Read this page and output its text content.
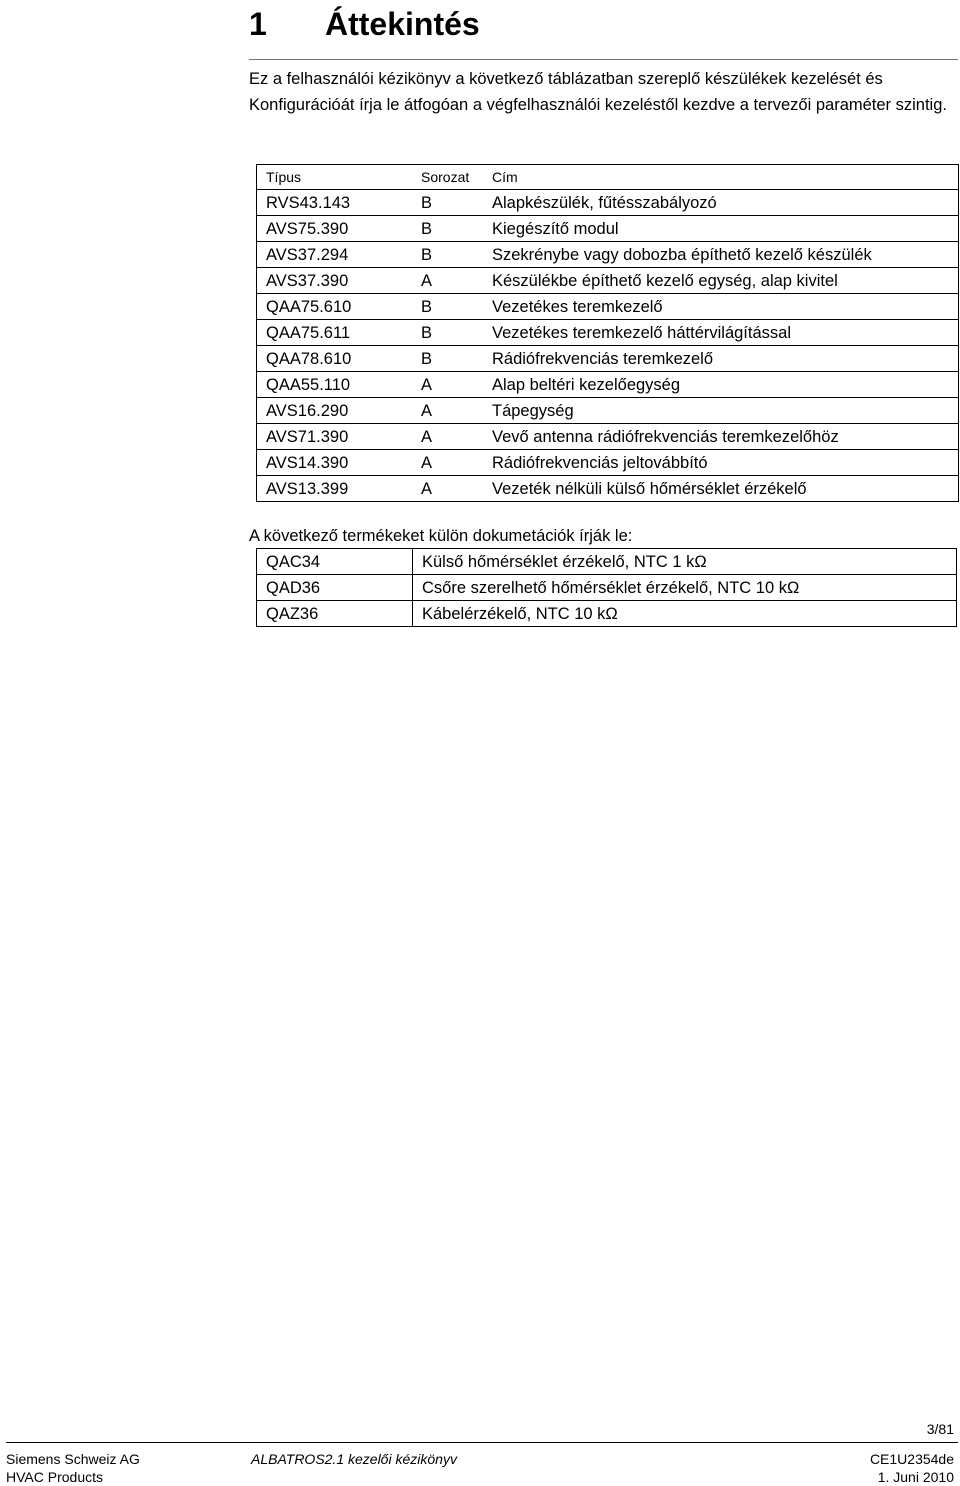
1 Áttekintés

Ez a felhasználói kézikönyv a következő táblázatban szereplő készülékek kezelését és Konfigurációát írja le átfogóan a végfelhasználói kezeléstől kezdve a tervezői paraméter szintig.

Típus	Sorozat	Cím
RVS43.143	B	Alapkészülék, fűtésszabályozó
AVS75.390	B	Kiegészítő modul
AVS37.294	B	Szekrénybe vagy dobozba építhető kezelő készülék
AVS37.390	A	Készülékbe építhető kezelő egység, alap kivitel
QAA75.610	B	Vezetékes teremkezelő
QAA75.611	B	Vezetékes teremkezelő háttérvilágítással
QAA78.610	B	Rádiófrekvenciás teremkezelő
QAA55.110	A	Alap beltéri kezelőegység
AVS16.290	A	Tápegység
AVS71.390	A	Vevő antenna rádiófrekvenciás teremkezelőhöz
AVS14.390	A	Rádiófrekvenciás jeltovábbító
AVS13.399	A	Vezeték nélküli külső hőmérséklet érzékelő

A következő termékeket külön dokumetációk írják le:

QAC34	Külső hőmérséklet érzékelő, NTC 1 kΩ
QAD36	Csőre szerelhető hőmérséklet érzékelő, NTC 10 kΩ
QAZ36	Kábelérzékelő, NTC 10 kΩ
3/81
Siemens Schweiz AG
HVAC Products
ALBATROS2.1 kezelői kézikönyv	CE1U2354de
1. Juni 2010
